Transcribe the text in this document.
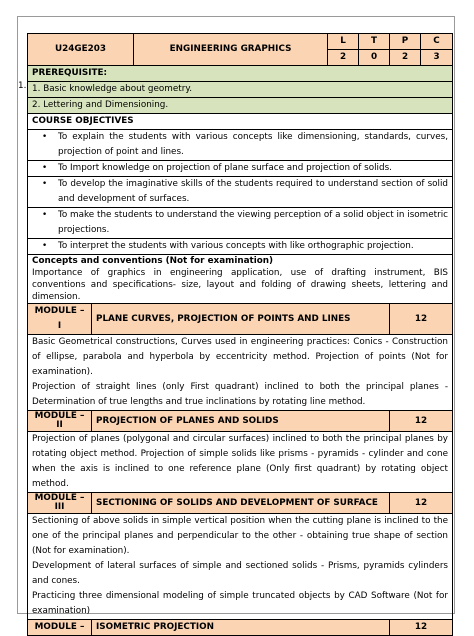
1.
U24GE203		ENGINEERING GRAPHICS	L	T	P	C
			2	0	2	3
PREREQUISITE:						
1. Basic knowledge about geometry.						
2. Lettering and Dimensioning.						
COURSE OBJECTIVES						
• To explain the students with various concepts like dimensioning, standards, curves, projection of point and lines.
• To Import knowledge on projection of plane surface and projection of solids.
• To develop the imaginative skills of the students required to understand section of solid and development of surfaces.
• To make the students to understand the viewing perception of a solid object in isometric projections.
• To interpret the students with various concepts with like orthographic projection.

Concepts and conventions (Not for examination)

Importance of graphics in engineering application, use of drafting instrument, BIS conventions and specifications- size, layout and folding of drawing sheets, lettering and dimension.						

MODULE – I	PLANE CURVES, PROJECTION OF POINTS AND LINES				12	

Basic Geometrical constructions, Curves used in engineering practices: Conics - Construction of ellipse, parabola and hyperbola by eccentricity method. Projection of points (Not for examination).

Projection of straight lines (only First quadrant) inclined to both the principal planes - Determination of true lengths and true inclinations by rotating line method.						

MODULE – II	PROJECTION OF PLANES AND SOLIDS				12	

Projection of planes (polygonal and circular surfaces) inclined to both the principal planes by rotating object method. Projection of simple solids like prisms - pyramids - cylinder and cone when the axis is inclined to one reference plane (Only first quadrant) by rotating object method.						

MODULE – III	SECTIONING OF SOLIDS AND DEVELOPMENT OF SURFACE				12	

Sectioning of above solids in simple vertical position when the cutting plane is inclined to the one of the principal planes and perpendicular to the other - obtaining true shape of section (Not for examination).

Development of lateral surfaces of simple and sectioned solids - Prisms, pyramids cylinders and cones.

Practicing three dimensional modeling of simple truncated objects by CAD Software (Not for examination)						

MODULE –	ISOMETRIC PROJECTION				12	
